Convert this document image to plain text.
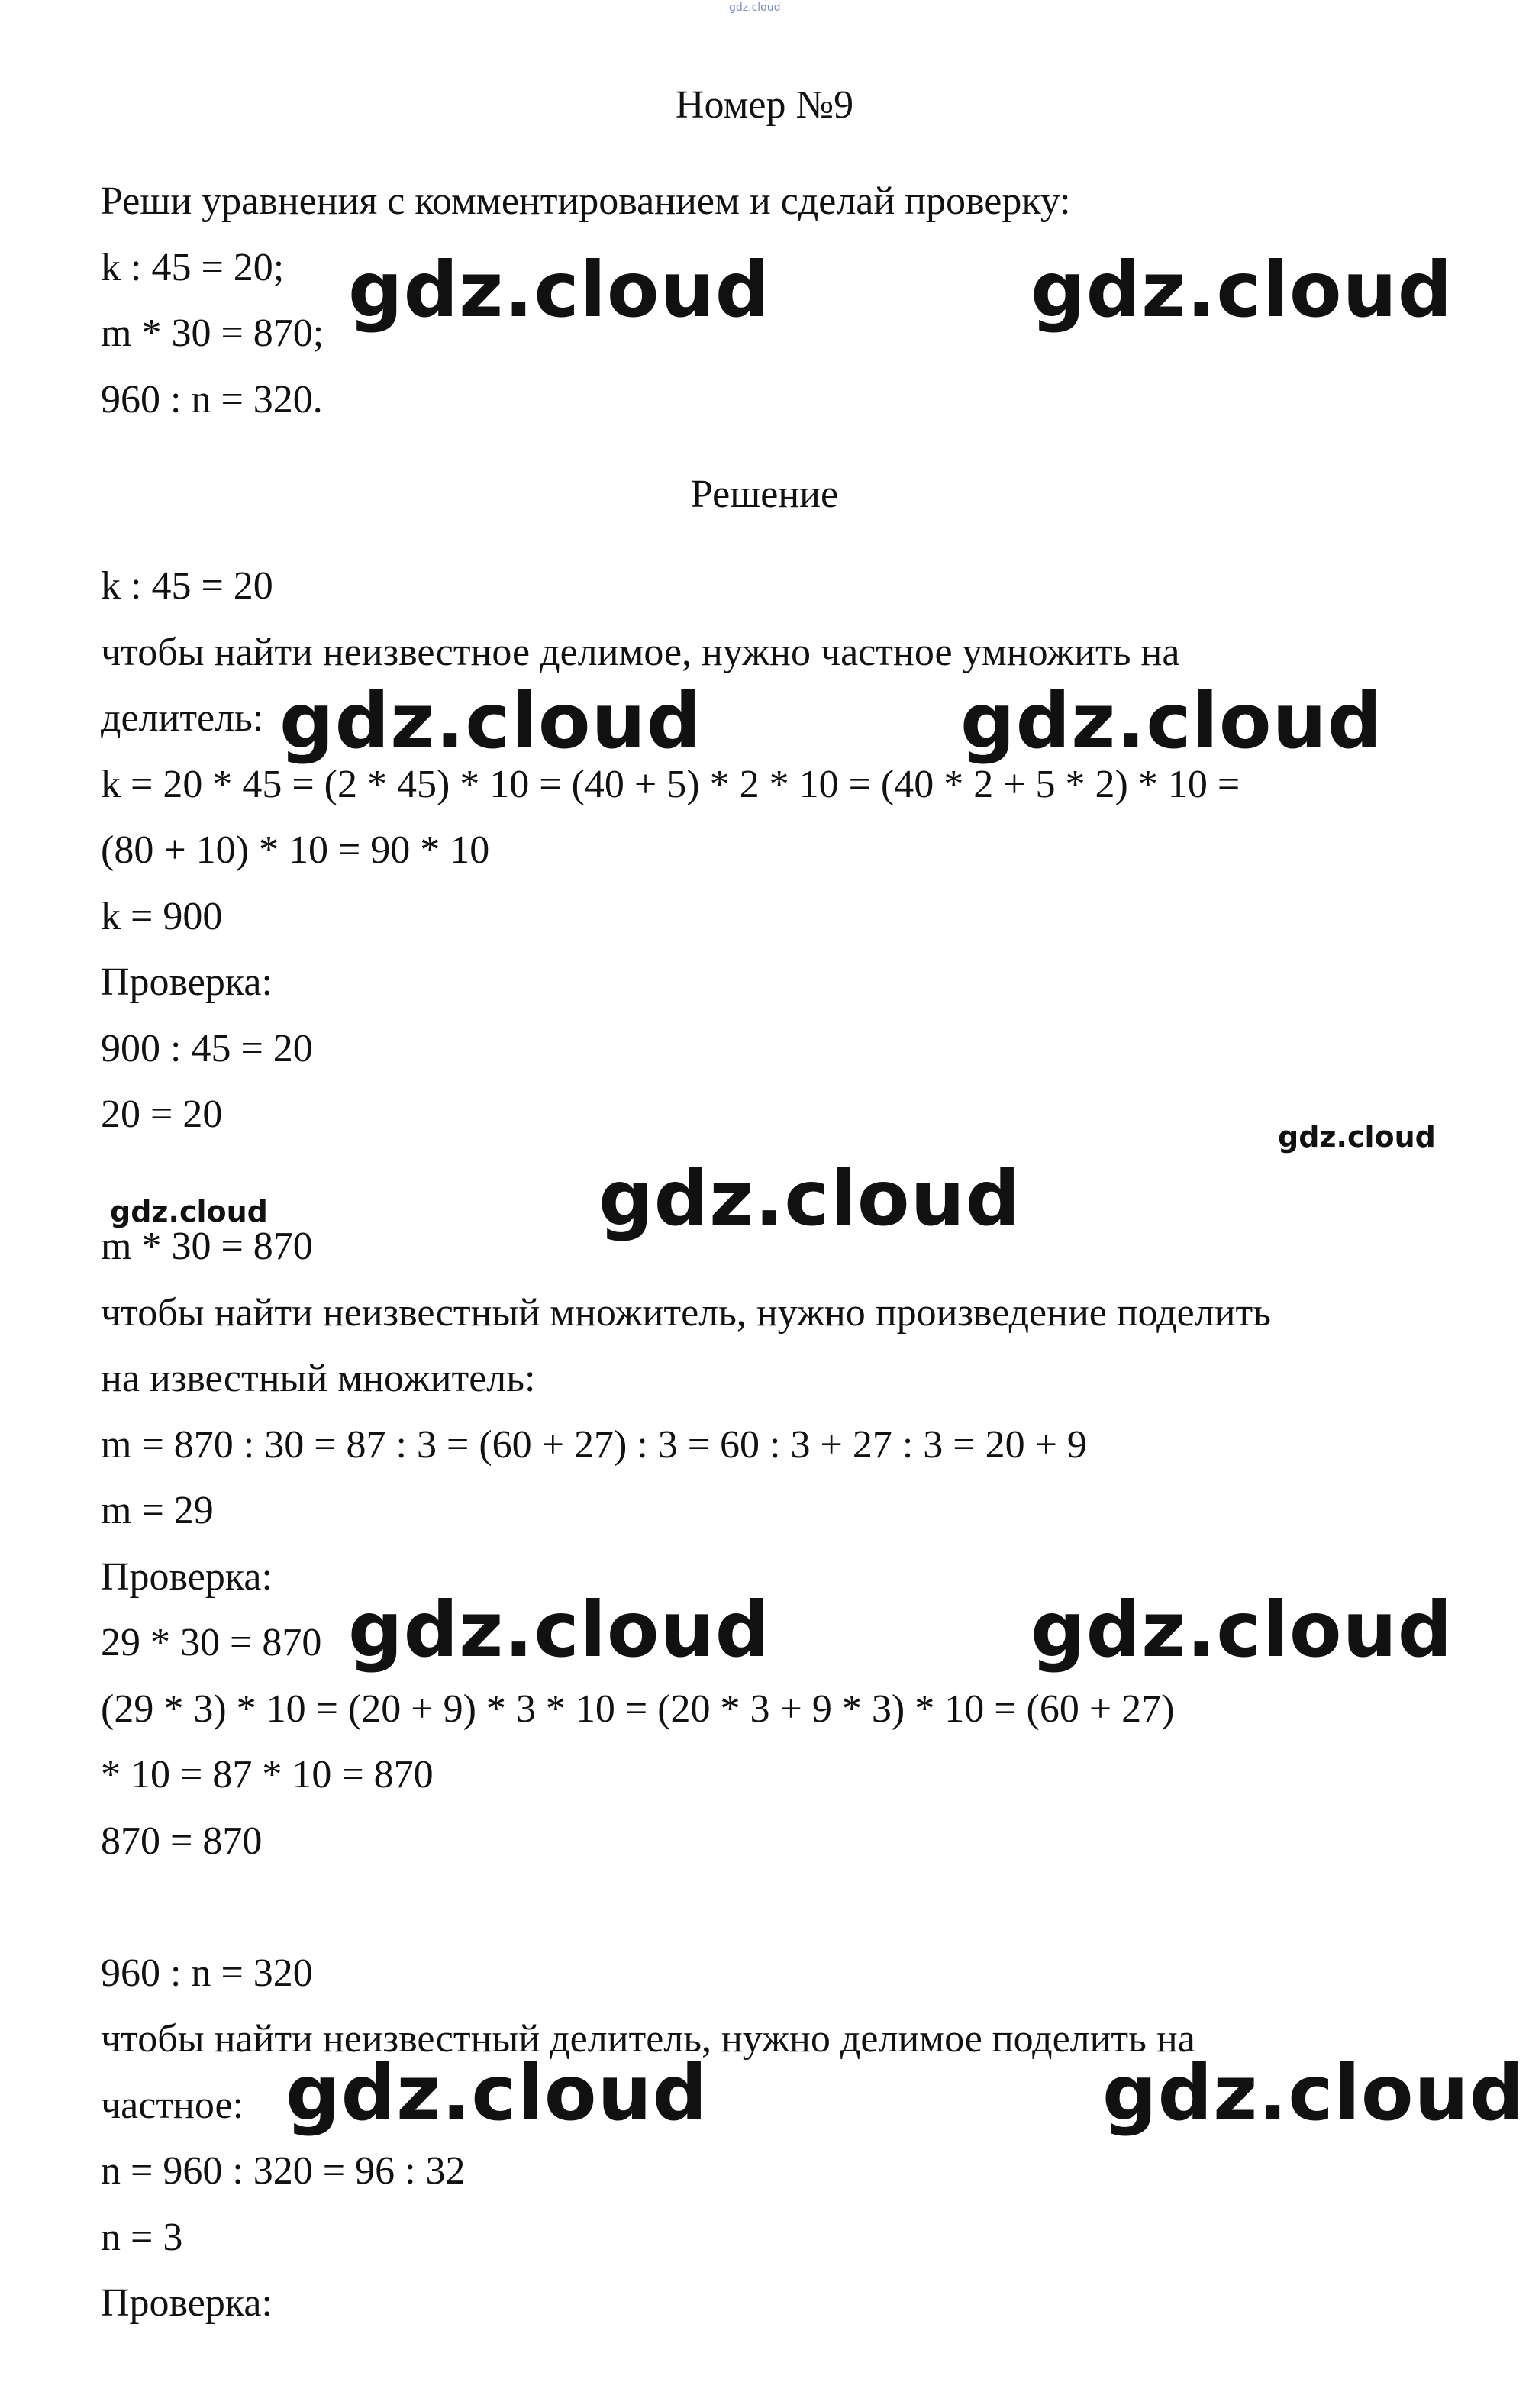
gdz.cloud
Номер №9
Реши уравнения с комментированием и сделай проверку:
k : 45 = 20;
m * 30 = 870;
960 : n = 320.
Решение
k : 45 = 20
чтобы найти неизвестное делимое, нужно частное умножить на
делитель:
k = 20 * 45 = (2 * 45) * 10 = (40 + 5) * 2 * 10 = (40 * 2 + 5 * 2) * 10 =
(80 + 10) * 10 = 90 * 10
k = 900
Проверка:
900 : 45 = 20
20 = 20
m * 30 = 870
чтобы найти неизвестный множитель, нужно произведение поделить
на известный множитель:
m = 870 : 30 = 87 : 3 = (60 + 27) : 3 = 60 : 3 + 27 : 3 = 20 + 9
m = 29
Проверка:
29 * 30 = 870
(29 * 3) * 10 = (20 + 9) * 3 * 10 = (20 * 3 + 9 * 3) * 10 = (60 + 27)
* 10 = 87 * 10 = 870
870 = 870
960 : n = 320
чтобы найти неизвестный делитель, нужно делимое поделить на
частное:
n = 960 : 320 = 96 : 32
n = 3
Проверка:
gdz.cloud	gdz.cloud
gdz.cloud	gdz.cloud
gdz.cloud
gdz.cloud	gdz.cloud
gdz.cloud	gdz.cloud
gdz.cloud	gdz.cloud
